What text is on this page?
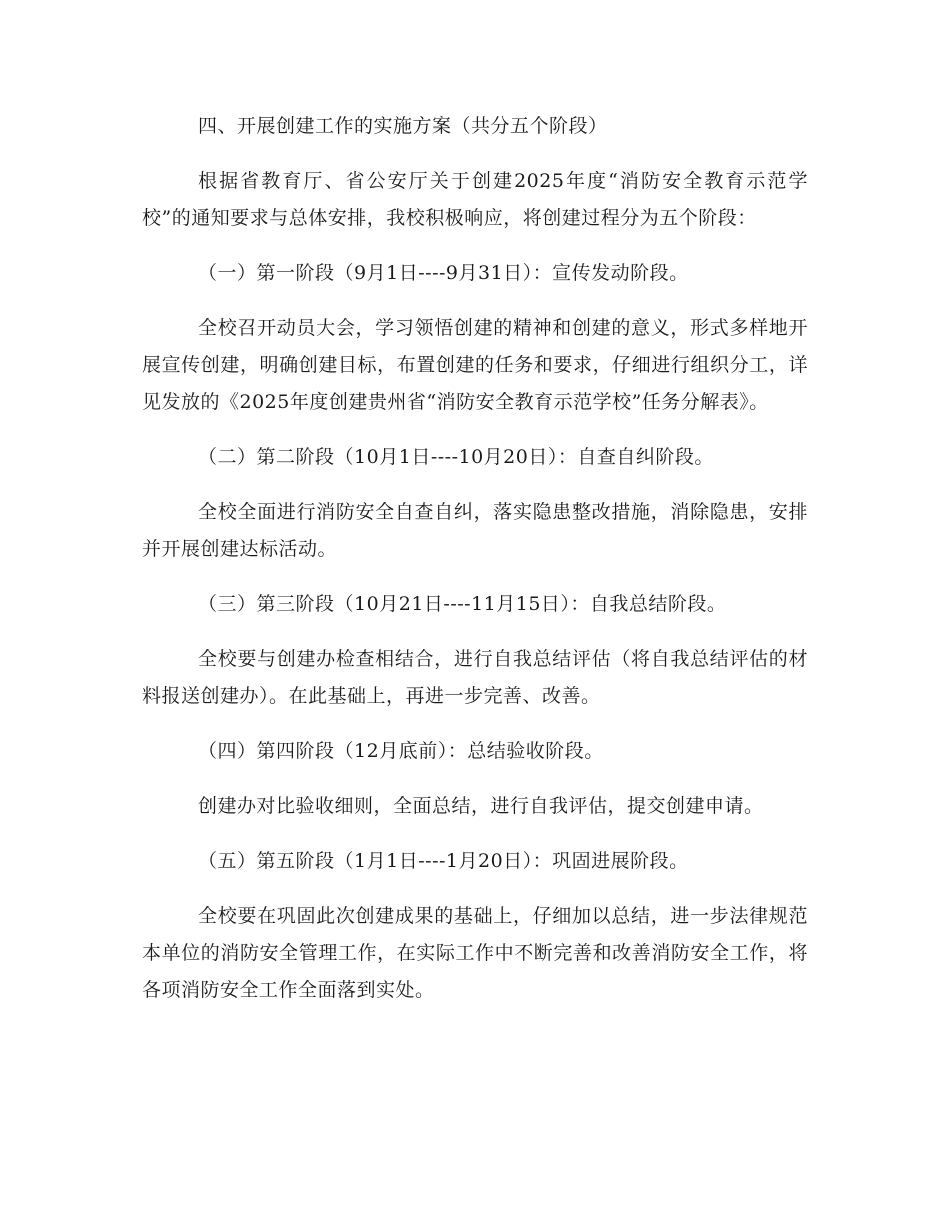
四、开展创建工作的实施方案（共分五个阶段）

根据省教育厅、省公安厅关于创建2025年度“消防安全教育示范学校”的通知要求与总体安排，我校积极响应，将创建过程分为五个阶段：

（一）第一阶段（9月1日----9月31日）：宣传发动阶段。

全校召开动员大会，学习领悟创建的精神和创建的意义，形式多样地开展宣传创建，明确创建目标，布置创建的任务和要求，仔细进行组织分工，详见发放的《2025年度创建贵州省“消防安全教育示范学校”任务分解表》。

（二）第二阶段（10月1日----10月20日）：自查自纠阶段。

全校全面进行消防安全自查自纠，落实隐患整改措施，消除隐患，安排并开展创建达标活动。

（三）第三阶段（10月21日----11月15日）：自我总结阶段。

全校要与创建办检查相结合，进行自我总结评估（将自我总结评估的材料报送创建办）。在此基础上，再进一步完善、改善。

（四）第四阶段（12月底前）：总结验收阶段。

创建办对比验收细则，全面总结，进行自我评估，提交创建申请。

（五）第五阶段（1月1日----1月20日）：巩固进展阶段。

全校要在巩固此次创建成果的基础上，仔细加以总结，进一步法律规范本单位的消防安全管理工作，在实际工作中不断完善和改善消防安全工作，将各项消防安全工作全面落到实处。
